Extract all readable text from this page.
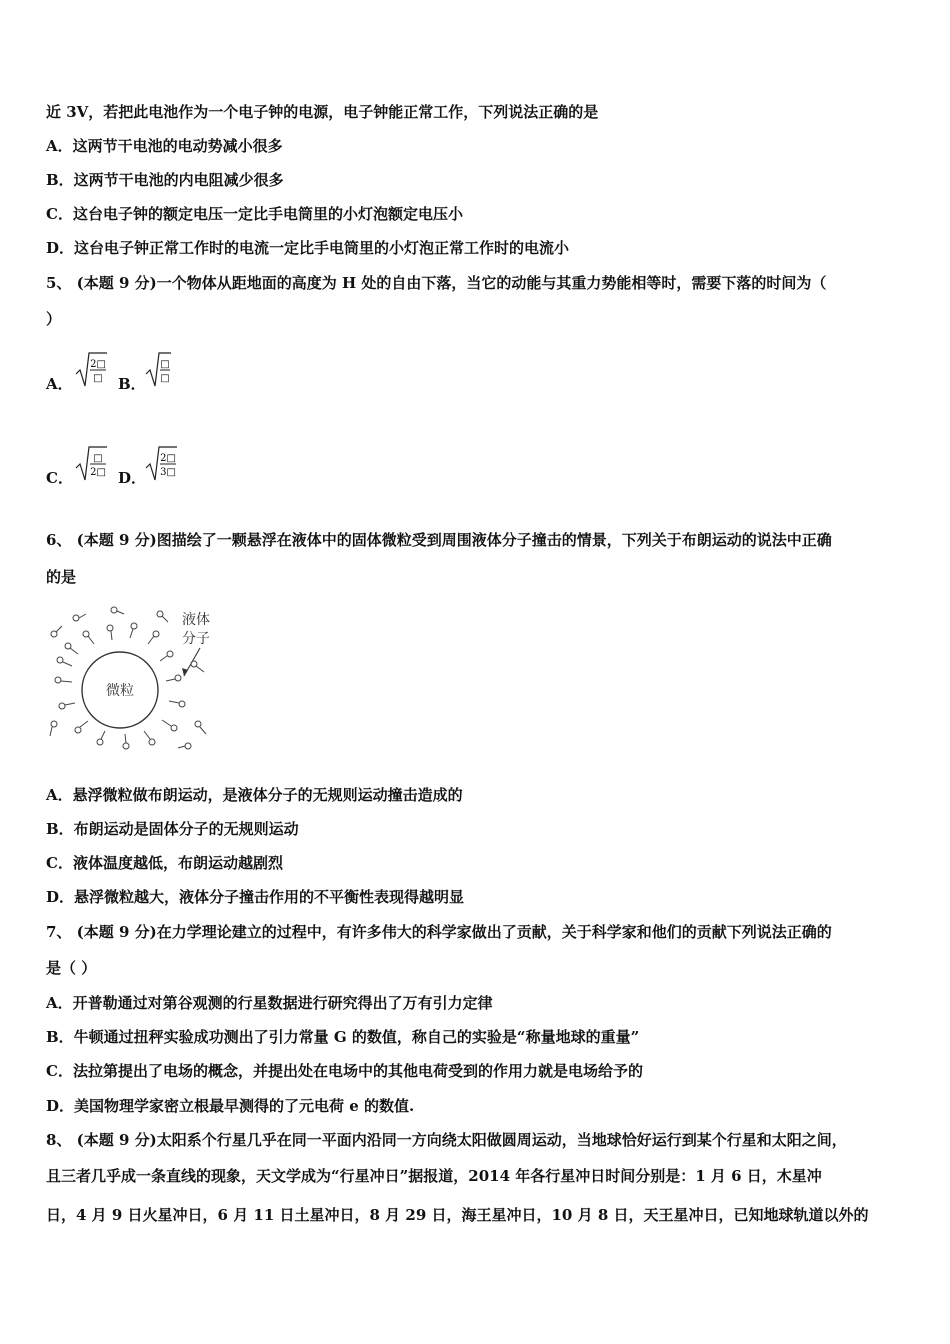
近 3V，若把此电池作为一个电子钟的电源，电子钟能正常工作，下列说法正确的是
A．这两节干电池的电动势减小很多
B．这两节干电池的内电阻减少很多
C．这台电子钟的额定电压一定比手电筒里的小灯泡额定电压小
D．这台电子钟正常工作时的电流一定比手电筒里的小灯泡正常工作时的电流小
5、 (本题 9 分)一个物体从距地面的高度为 H 处的自由下落，当它的动能与其重力势能相等时，需要下落的时间为（
）
A．
2□
□ B．
□
□
C．
□
2□ D．
2□
3□
6、 (本题 9 分)图描绘了一颗悬浮在液体中的固体微粒受到周围液体分子撞击的情景，下列关于布朗运动的说法中正确
的是
微粒
液体
分子
A．悬浮微粒做布朗运动，是液体分子的无规则运动撞击造成的
B．布朗运动是固体分子的无规则运动
C．液体温度越低，布朗运动越剧烈
D．悬浮微粒越大，液体分子撞击作用的不平衡性表现得越明显
7、 (本题 9 分)在力学理论建立的过程中，有许多伟大的科学家做出了贡献，关于科学家和他们的贡献下列说法正确的
是（ ）
A．开普勒通过对第谷观测的行星数据进行研究得出了万有引力定律
B．牛顿通过扭秤实验成功测出了引力常量 G 的数值，称自己的实验是“称量地球的重量”
C．法拉第提出了电场的概念，并提出处在电场中的其他电荷受到的作用力就是电场给予的
D．美国物理学家密立根最早测得的了元电荷 e 的数值.
8、 (本题 9 分)太阳系个行星几乎在同一平面内沿同一方向绕太阳做圆周运动，当地球恰好运行到某个行星和太阳之间，
且三者几乎成一条直线的现象，天文学成为“行星冲日”据报道，2014 年各行星冲日时间分别是：1 月 6 日，木星冲
日，4 月 9 日火星冲日，6 月 11 日土星冲日，8 月 29 日，海王星冲日，10 月 8 日，天王星冲日，已知地球轨道以外的
